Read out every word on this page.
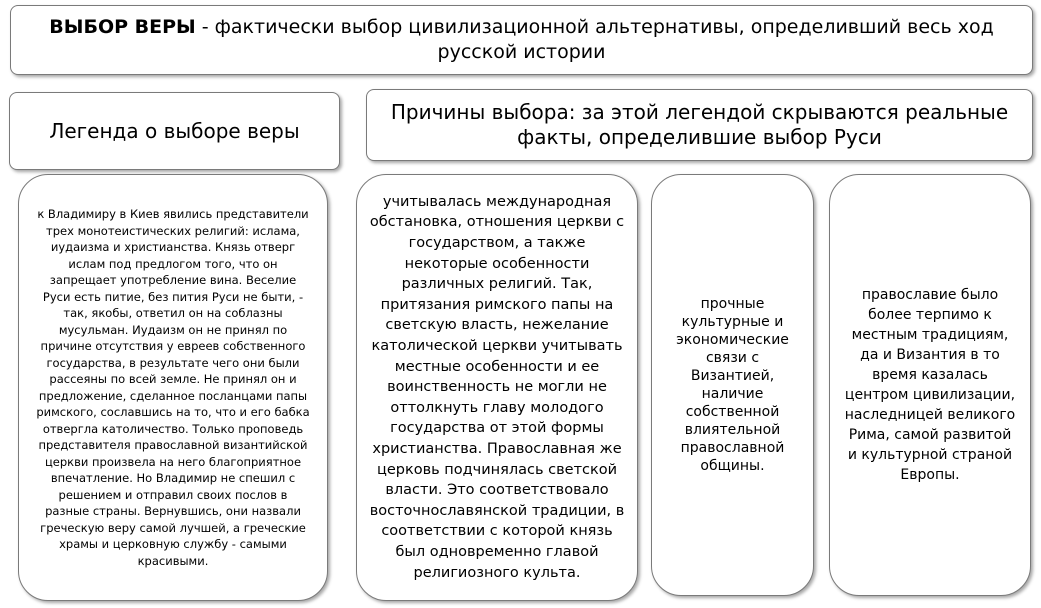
ВЫБОР ВЕРЫ - фактически выбор цивилизационной альтернативы, определивший весь ход русской истории
Легенда о выборе веры
Причины выбора: за этой легендой скрываются реальные факты, определившие выбор Руси

к Владимиру в Киев явились представители трех монотеистических религий: ислама, иудаизма и христианства. Князь отверг ислам под предлогом того, что он запрещает употребление вина. Веселие Руси есть питие, без пития Руси не быти, - так, якобы, ответил он на соблазны мусульман. Иудаизм он не принял по причине отсутствия у евреев собственного государства, в результате чего они были рассеяны по всей земле. Не принял он и предложение, сделанное посланцами папы римского, сославшись на то, что и его бабка отвергла католичество. Только проповедь представителя православной византийской церкви произвела на него благоприятное впечатление. Но Владимир не спешил с решением и отправил своих послов в разные страны. Вернувшись, они назвали греческую веру самой лучшей, а греческие храмы и церковную службу - самыми красивыми.

учитывалась международная обстановка, отношения церкви с государством, а также некоторые особенности различных религий. Так, притязания римского папы на светскую власть, нежелание католической церкви учитывать местные особенности и ее воинственность не могли не оттолкнуть главу молодого государства от этой формы христианства. Православная же церковь подчинялась светской власти. Это соответствовало восточнославянской традиции, в соответствии с которой князь был одновременно главой религиозного культа.

прочные культурные и экономические связи с Византией, наличие собственной влиятельной православной общины.

православие было более терпимо к местным традициям, да и Византия в то время казалась центром цивилизации, наследницей великого Рима, самой развитой и культурной страной Европы.
